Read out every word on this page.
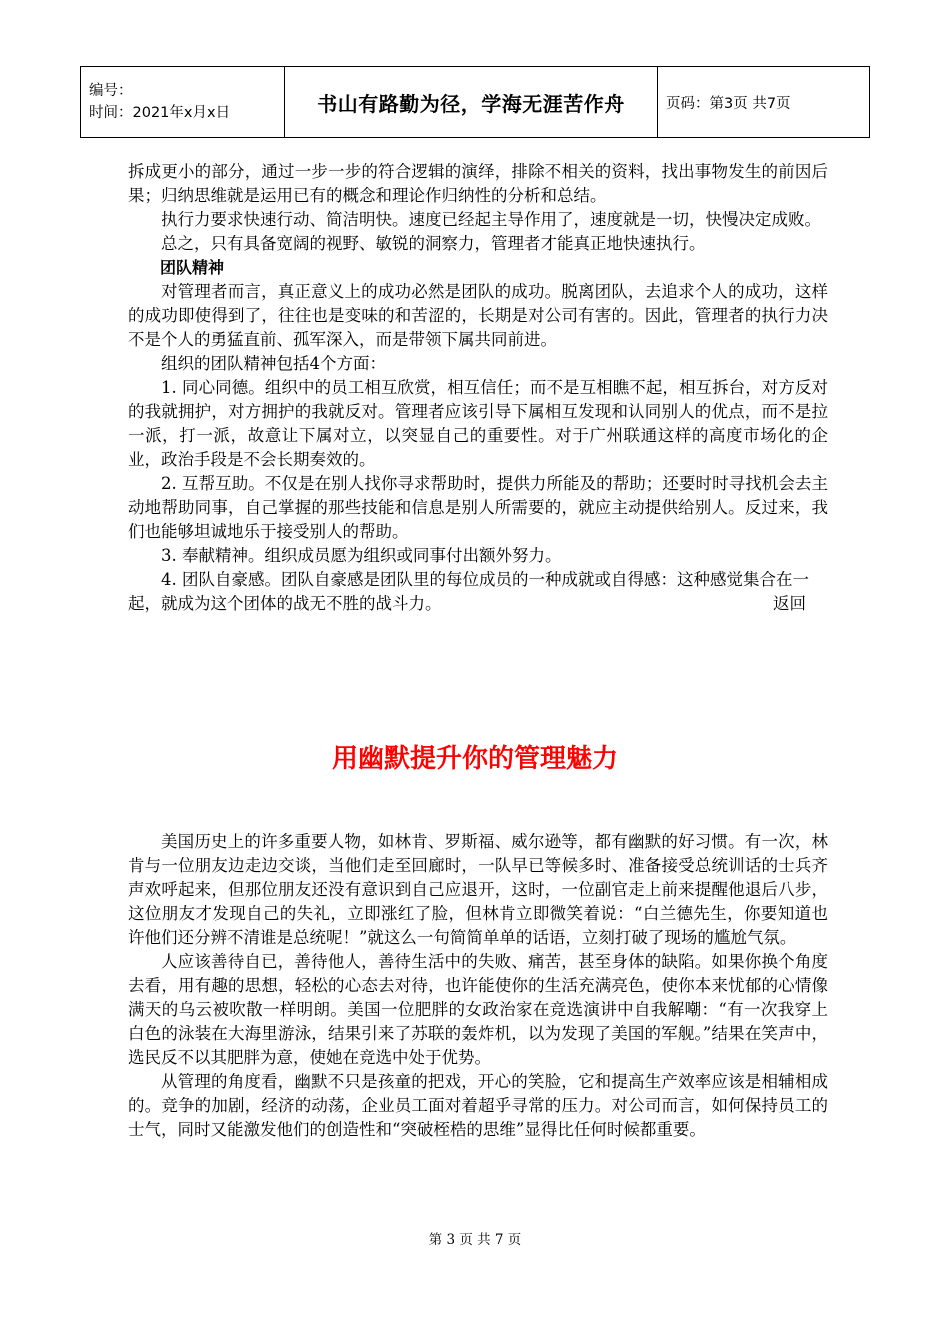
编号：
时间：2021年x月x日	书山有路勤为径，学海无涯苦作舟	页码：第3页 共7页

拆成更小的部分，通过一步一步的符合逻辑的演绎，排除不相关的资料，找出事物发生的前因后果；归纳思维就是运用已有的概念和理论作归纳性的分析和总结。

执行力要求快速行动、简洁明快。速度已经起主导作用了，速度就是一切，快慢决定成败。

总之，只有具备宽阔的视野、敏锐的洞察力，管理者才能真正地快速执行。

团队精神

对管理者而言，真正意义上的成功必然是团队的成功。脱离团队，去追求个人的成功，这样的成功即使得到了，往往也是变味的和苦涩的，长期是对公司有害的。因此，管理者的执行力决不是个人的勇猛直前、孤军深入，而是带领下属共同前进。

组织的团队精神包括4个方面：

1. 同心同德。组织中的员工相互欣赏，相互信任；而不是互相瞧不起，相互拆台，对方反对的我就拥护，对方拥护的我就反对。管理者应该引导下属相互发现和认同别人的优点，而不是拉一派，打一派，故意让下属对立，以突显自己的重要性。对于广州联通这样的高度市场化的企业，政治手段是不会长期奏效的。

2. 互帮互助。不仅是在别人找你寻求帮助时，提供力所能及的帮助；还要时时寻找机会去主动地帮助同事，自己掌握的那些技能和信息是别人所需要的，就应主动提供给别人。反过来，我们也能够坦诚地乐于接受别人的帮助。

3. 奉献精神。组织成员愿为组织或同事付出额外努力。

4. 团队自豪感。团队自豪感是团队里的每位成员的一种成就或自得感：这种感觉集合在一起，就成为这个团体的战无不胜的战斗力。	返回

用幽默提升你的管理魅力

美国历史上的许多重要人物，如林肯、罗斯福、威尔逊等，都有幽默的好习惯。有一次，林肯与一位朋友边走边交谈，当他们走至回廊时，一队早已等候多时、准备接受总统训话的士兵齐声欢呼起来，但那位朋友还没有意识到自己应退开，这时，一位副官走上前来提醒他退后八步，这位朋友才发现自己的失礼，立即涨红了脸，但林肯立即微笑着说：“白兰德先生，你要知道也许他们还分辨不清谁是总统呢！”就这么一句简简单单的话语，立刻打破了现场的尴尬气氛。

人应该善待自已，善待他人，善待生活中的失败、痛苦，甚至身体的缺陷。如果你换个角度去看，用有趣的思想，轻松的心态去对待，也许能使你的生活充满亮色，使你本来忧郁的心情像满天的乌云被吹散一样明朗。美国一位肥胖的女政治家在竞选演讲中自我解嘲：“有一次我穿上白色的泳装在大海里游泳，结果引来了苏联的轰炸机，以为发现了美国的军舰。”结果在笑声中，选民反不以其肥胖为意，使她在竞选中处于优势。

从管理的角度看，幽默不只是孩童的把戏，开心的笑脸，它和提高生产效率应该是相辅相成的。竞争的加剧，经济的动荡，企业员工面对着超乎寻常的压力。对公司而言，如何保持员工的士气，同时又能激发他们的创造性和“突破桎梏的思维”显得比任何时候都重要。

第 3 页 共 7 页
